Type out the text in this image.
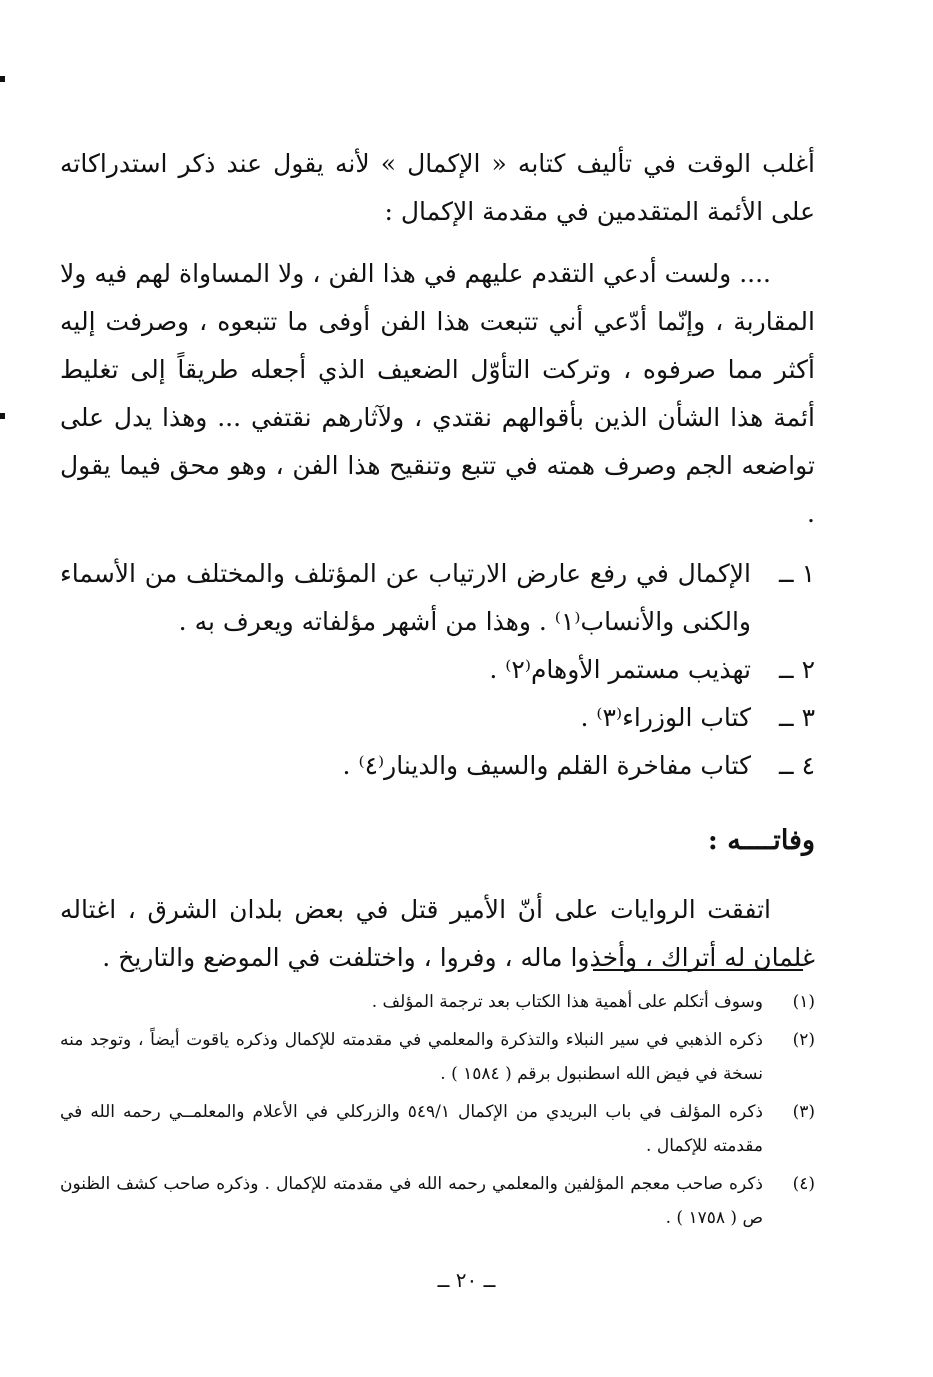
أغلب الوقت في تأليف كتابه « الإكمال » لأنه يقول عند ذكر استدراكاته على الأئمة المتقدمين في مقدمة الإكمال :

.... ولست أدعي التقدم عليهم في هذا الفن ، ولا المساواة لهم فيه ولا المقاربة ، وإنّما أدّعي أني تتبعت هذا الفن أوفى ما تتبعوه ، وصرفت إليه أكثر مما صرفوه ، وتركت التأوّل الضعيف الذي أجعله طريقاً إلى تغليط أئمة هذا الشأن الذين بأقوالهم نقتدي ، ولآثارهم نقتفي ... وهذا يدل على تواضعه الجم وصرف همته في تتبع وتنقيح هذا الفن ، وهو محق فيما يقول .

١ ــ
الإكمال في رفع عارض الارتياب عن المؤتلف والمختلف من الأسماء والكنى والأنساب⁽١⁾ . وهذا من أشهر مؤلفاته ويعرف به .
٢ ــ
تهذيب مستمر الأوهام⁽٢⁾ .
٣ ــ
كتاب الوزراء⁽٣⁾ .
٤ ــ
كتاب مفاخرة القلم والسيف والدينار⁽٤⁾ .
وفاتــــه :

اتفقت الروايات على أنّ الأمير قتل في بعض بلدان الشرق ، اغتاله غلمان له أتراك ، وأخذوا ماله ، وفروا ، واختلفت في الموضع والتاريخ .

(١)
وسوف أتكلم على أهمية هذا الكتاب بعد ترجمة المؤلف .
(٢)
ذكره الذهبي في سير النبلاء والتذكرة والمعلمي في مقدمته للإكمال وذكره ياقوت أيضاً ، وتوجد منه نسخة في فيض الله اسطنبول برقم ( ١٥٨٤ ) .
(٣)
ذكره المؤلف في باب البريدي من الإكمال ٥٤٩/١ والزركلي في الأعلام والمعلمــي رحمه الله في مقدمته للإكمال .
(٤)
ذكره صاحب معجم المؤلفين والمعلمي رحمه الله في مقدمته للإكمال . وذكره صاحب كشف الظنون ص ( ١٧٥٨ ) .
ــ ٢٠ ــ
